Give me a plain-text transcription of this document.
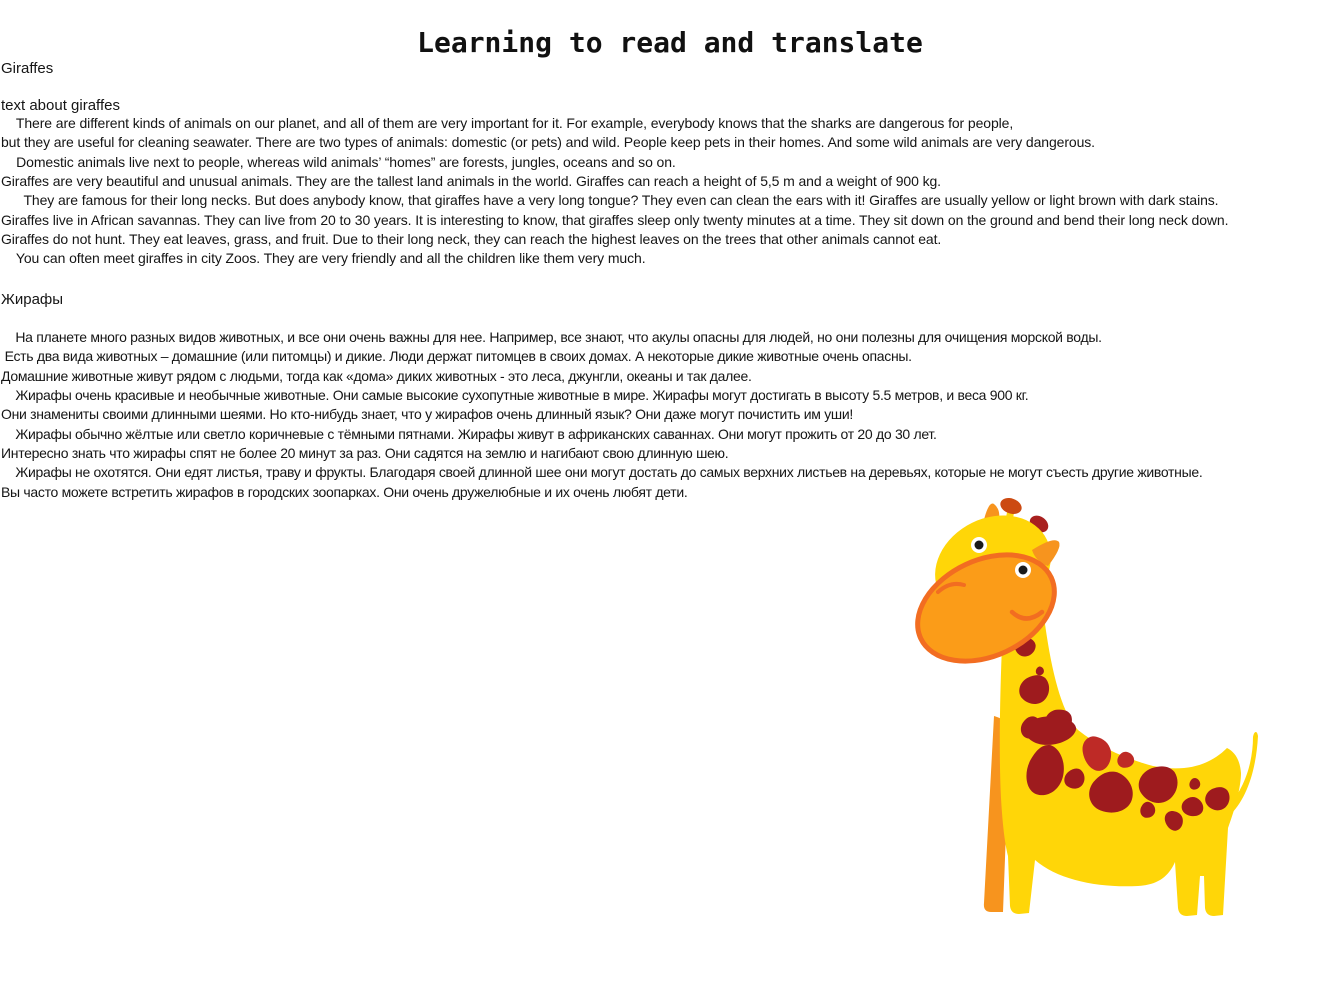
Learning to read and translate
Giraffes
text about giraffes
There are different kinds of animals on our planet, and all of them are very important for it. For example, everybody knows that the sharks are dangerous for people,
but they are useful for cleaning seawater. There are two types of animals: domestic (or pets) and wild. People keep pets in their homes. And some wild animals are very dangerous.
Domestic animals live next to people, whereas wild animals’ “homes” are forests, jungles, oceans and so on.
Giraffes are very beautiful and unusual animals. They are the tallest land animals in the world. Giraffes can reach a height of 5,5 m and a weight of 900 kg.
They are famous for their long necks. But does anybody know, that giraffes have a very long tongue? They even can clean the ears with it! Giraffes are usually yellow or light brown with dark stains.
Giraffes live in African savannas. They can live from 20 to 30 years. It is interesting to know, that giraffes sleep only twenty minutes at a time. They sit down on the ground and bend their long neck down.
Giraffes do not hunt. They eat leaves, grass, and fruit. Due to their long neck, they can reach the highest leaves on the trees that other animals cannot eat.
You can often meet giraffes in city Zoos. They are very friendly and all the children like them very much.
Жирафы
На планете много разных видов животных, и все они очень важны для нее. Например, все знают, что акулы опасны для людей, но они полезны для очищения морской воды.
Есть два вида животных – домашние (или питомцы) и дикие. Люди держат питомцев в своих домах. А некоторые дикие животные очень опасны.
Домашние животные живут рядом с людьми, тогда как «дома» диких животных - это леса, джунгли, океаны и так далее.
Жирафы очень красивые и необычные животные. Они самые высокие сухопутные животные в мире. Жирафы могут достигать в высоту 5.5 метров, и веса 900 кг.
Они знамениты своими длинными шеями. Но кто-нибудь знает, что у жирафов очень длинный язык? Они даже могут почистить им уши!
Жирафы обычно жёлтые или светло коричневые с тёмными пятнами. Жирафы живут в африканских саваннах. Они могут прожить от 20 до 30 лет.
Интересно знать что жирафы спят не более 20 минут за раз. Они садятся на землю и нагибают свою длинную шею.
Жирафы не охотятся. Они едят листья, траву и фрукты. Благодаря своей длинной шее они могут достать до самых верхних листьев на деревьях, которые не могут съесть другие животные.
Вы часто можете встретить жирафов в городских зоопарках. Они очень дружелюбные и их очень любят дети.
